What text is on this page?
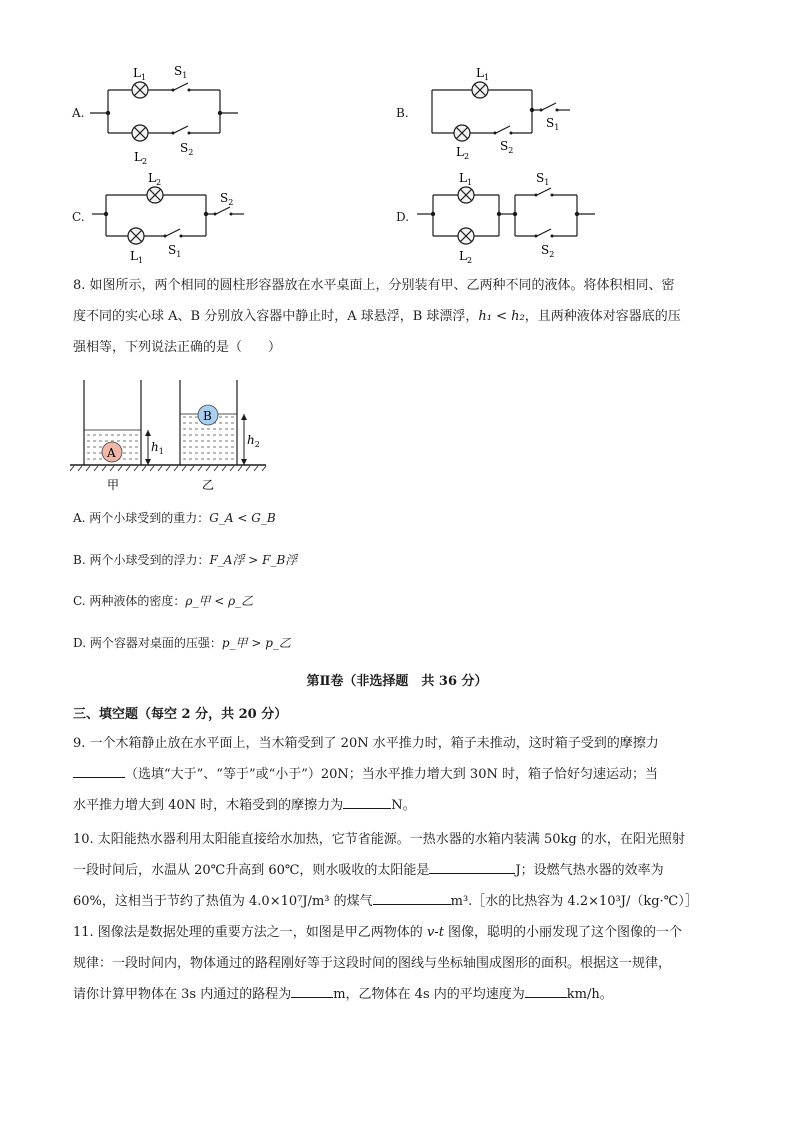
A.
$L_1$ $S_1$
$L_2$
$S_2$
B.
$L_1$
$S_1$
$L_2$
$S_2$
C.
$L_2$
$S_2$
$L_1$
$S_1$
D.
$L_1$	$S_1$
$L_2$
$S_2$

8. 如图所示，两个相同的圆柱形容器放在水平桌面上，分别装有甲、乙两种不同的液体。将体积相同、密

度不同的实心球 A、B 分别放入容器中静止时，A 球悬浮，B 球漂浮，h₁ < h₂，且两种液体对容器底的压

强相等，下列说法正确的是（　　）

A	$h_1$
B
$h_2$
甲	乙
A. 两个小球受到的重力：G_A < G_B
B. 两个小球受到的浮力：F_A浮 > F_B浮
C. 两种液体的密度：ρ_甲 < ρ_乙
D. 两个容器对桌面的压强：p_甲 > p_乙
第Ⅱ卷（非选择题　共 36 分）
三、填空题（每空 2 分，共 20 分）

9. 一个木箱静止放在水平面上，当木箱受到了 20N 水平推力时，箱子未推动，这时箱子受到的摩擦力

（选填“大于”、“等于”或“小于”）20N；当水平推力增大到 30N 时，箱子恰好匀速运动；当

水平推力增大到 40N 时，木箱受到的摩擦力为	N。

10. 太阳能热水器利用太阳能直接给水加热，它节省能源。一热水器的水箱内装满 50kg 的水，在阳光照射

一段时间后，水温从 20℃升高到 60℃，则水吸收的太阳能是	J；设燃气热水器的效率为

60%，这相当于节约了热值为 4.0×10⁷J/m³ 的煤气	m³.［水的比热容为 4.2×10³J/（kg·℃）］

11. 图像法是数据处理的重要方法之一，如图是甲乙两物体的 v-t 图像，聪明的小丽发现了这个图像的一个

规律：一段时间内，物体通过的路程刚好等于这段时间的图线与坐标轴围成图形的面积。根据这一规律，

请你计算甲物体在 3s 内通过的路程为	m，乙物体在 4s 内的平均速度为	km/h。
